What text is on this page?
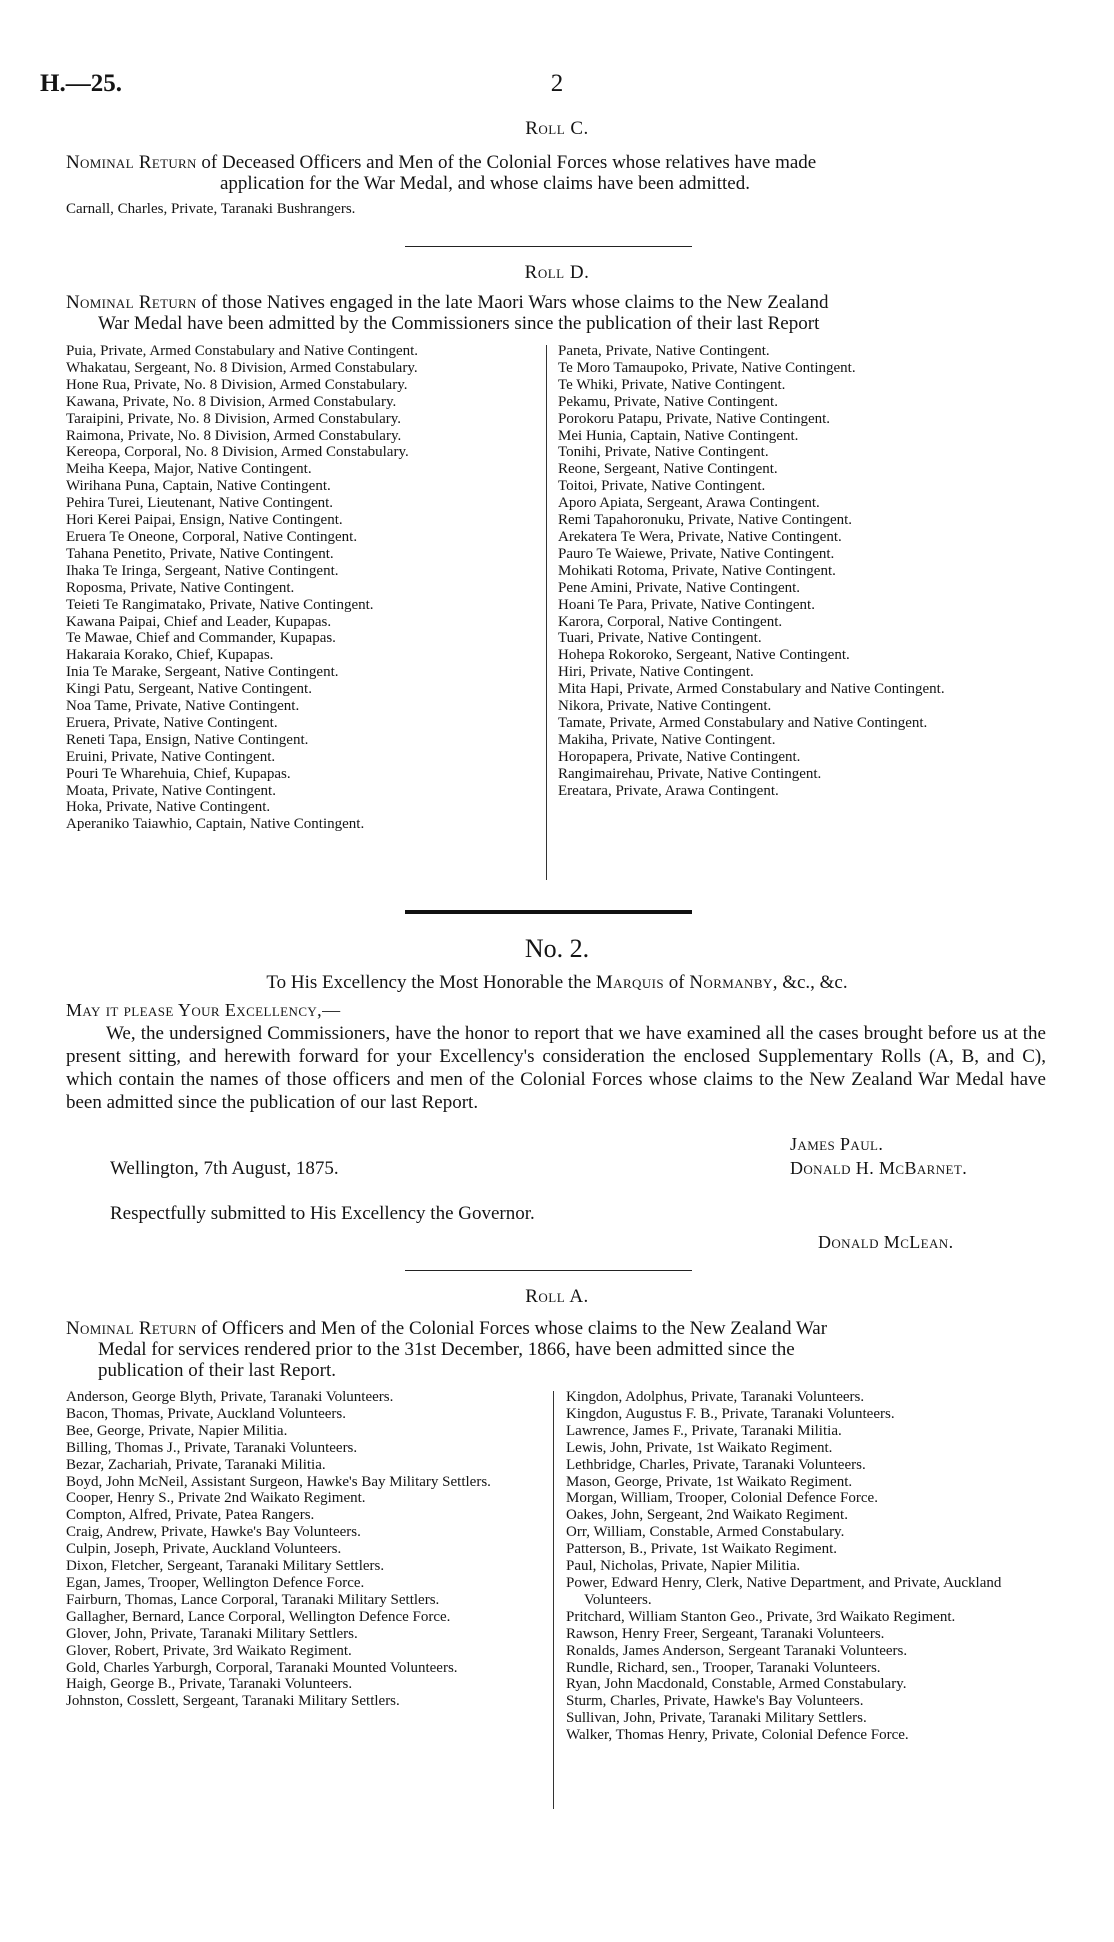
H.—25.	2
Roll C.
Nominal Return of Deceased Officers and Men of the Colonial Forces whose relatives have made
application for the War Medal, and whose claims have been admitted.
Carnall, Charles, Private, Taranaki Bushrangers.
Roll D.
Nominal Return of those Natives engaged in the late Maori Wars whose claims to the New Zealand
War Medal have been admitted by the Commissioners since the publication of their last Report
Puia, Private, Armed Constabulary and Native Contingent.
Whakatau, Sergeant, No. 8 Division, Armed Constabulary.
Hone Rua, Private, No. 8 Division, Armed Constabulary.
Kawana, Private, No. 8 Division, Armed Constabulary.
Taraipini, Private, No. 8 Division, Armed Constabulary.
Raimona, Private, No. 8 Division, Armed Constabulary.
Kereopa, Corporal, No. 8 Division, Armed Constabulary.
Meiha Keepa, Major, Native Contingent.
Wirihana Puna, Captain, Native Contingent.
Pehira Turei, Lieutenant, Native Contingent.
Hori Kerei Paipai, Ensign, Native Contingent.
Eruera Te Oneone, Corporal, Native Contingent.
Tahana Penetito, Private, Native Contingent.
Ihaka Te Iringa, Sergeant, Native Contingent.
Roposma, Private, Native Contingent.
Teieti Te Rangimatako, Private, Native Contingent.
Kawana Paipai, Chief and Leader, Kupapas.
Te Mawae, Chief and Commander, Kupapas.
Hakaraia Korako, Chief, Kupapas.
Inia Te Marake, Sergeant, Native Contingent.
Kingi Patu, Sergeant, Native Contingent.
Noa Tame, Private, Native Contingent.
Eruera, Private, Native Contingent.
Reneti Tapa, Ensign, Native Contingent.
Eruini, Private, Native Contingent.
Pouri Te Wharehuia, Chief, Kupapas.
Moata, Private, Native Contingent.
Hoka, Private, Native Contingent.
Aperaniko Taiawhio, Captain, Native Contingent.
Paneta, Private, Native Contingent.
Te Moro Tamaupoko, Private, Native Contingent.
Te Whiki, Private, Native Contingent.
Pekamu, Private, Native Contingent.
Porokoru Patapu, Private, Native Contingent.
Mei Hunia, Captain, Native Contingent.
Tonihi, Private, Native Contingent.
Reone, Sergeant, Native Contingent.
Toitoi, Private, Native Contingent.
Aporo Apiata, Sergeant, Arawa Contingent.
Remi Tapahoronuku, Private, Native Contingent.
Arekatera Te Wera, Private, Native Contingent.
Pauro Te Waiewe, Private, Native Contingent.
Mohikati Rotoma, Private, Native Contingent.
Pene Amini, Private, Native Contingent.
Hoani Te Para, Private, Native Contingent.
Karora, Corporal, Native Contingent.
Tuari, Private, Native Contingent.
Hohepa Rokoroko, Sergeant, Native Contingent.
Hiri, Private, Native Contingent.
Mita Hapi, Private, Armed Constabulary and Native Contingent.
Nikora, Private, Native Contingent.
Tamate, Private, Armed Constabulary and Native Contingent.
Makiha, Private, Native Contingent.
Horopapera, Private, Native Contingent.
Rangimairehau, Private, Native Contingent.
Ereatara, Private, Arawa Contingent.
No. 2.
To His Excellency the Most Honorable the Marquis of Normanby, &c., &c.
May it please Your Excellency,—
We, the undersigned Commissioners, have the honor to report that we have examined all the cases brought before us at the present sitting, and herewith forward for your Excellency's consideration the enclosed Supplementary Rolls (A, B, and C), which contain the names of those officers and men of the Colonial Forces whose claims to the New Zealand War Medal have been admitted since the publication of our last Report.
James Paul.
Wellington, 7th August, 1875.	Donald H. McBarnet.
Respectfully submitted to His Excellency the Governor.
Donald McLean.
Roll A.
Nominal Return of Officers and Men of the Colonial Forces whose claims to the New Zealand War
Medal for services rendered prior to the 31st December, 1866, have been admitted since the
publication of their last Report.
Anderson, George Blyth, Private, Taranaki Volunteers.
Bacon, Thomas, Private, Auckland Volunteers.
Bee, George, Private, Napier Militia.
Billing, Thomas J., Private, Taranaki Volunteers.
Bezar, Zachariah, Private, Taranaki Militia.
Boyd, John McNeil, Assistant Surgeon, Hawke's Bay Military Settlers.
Cooper, Henry S., Private 2nd Waikato Regiment.
Compton, Alfred, Private, Patea Rangers.
Craig, Andrew, Private, Hawke's Bay Volunteers.
Culpin, Joseph, Private, Auckland Volunteers.
Dixon, Fletcher, Sergeant, Taranaki Military Settlers.
Egan, James, Trooper, Wellington Defence Force.
Fairburn, Thomas, Lance Corporal, Taranaki Military Settlers.
Gallagher, Bernard, Lance Corporal, Wellington Defence Force.
Glover, John, Private, Taranaki Military Settlers.
Glover, Robert, Private, 3rd Waikato Regiment.
Gold, Charles Yarburgh, Corporal, Taranaki Mounted Volunteers.
Haigh, George B., Private, Taranaki Volunteers.
Johnston, Cosslett, Sergeant, Taranaki Military Settlers.
Kingdon, Adolphus, Private, Taranaki Volunteers.
Kingdon, Augustus F. B., Private, Taranaki Volunteers.
Lawrence, James F., Private, Taranaki Militia.
Lewis, John, Private, 1st Waikato Regiment.
Lethbridge, Charles, Private, Taranaki Volunteers.
Mason, George, Private, 1st Waikato Regiment.
Morgan, William, Trooper, Colonial Defence Force.
Oakes, John, Sergeant, 2nd Waikato Regiment.
Orr, William, Constable, Armed Constabulary.
Patterson, B., Private, 1st Waikato Regiment.
Paul, Nicholas, Private, Napier Militia.
Power, Edward Henry, Clerk, Native Department, and Private, Auckland Volunteers.
Pritchard, William Stanton Geo., Private, 3rd Waikato Regiment.
Rawson, Henry Freer, Sergeant, Taranaki Volunteers.
Ronalds, James Anderson, Sergeant Taranaki Volunteers.
Rundle, Richard, sen., Trooper, Taranaki Volunteers.
Ryan, John Macdonald, Constable, Armed Constabulary.
Sturm, Charles, Private, Hawke's Bay Volunteers.
Sullivan, John, Private, Taranaki Military Settlers.
Walker, Thomas Henry, Private, Colonial Defence Force.
